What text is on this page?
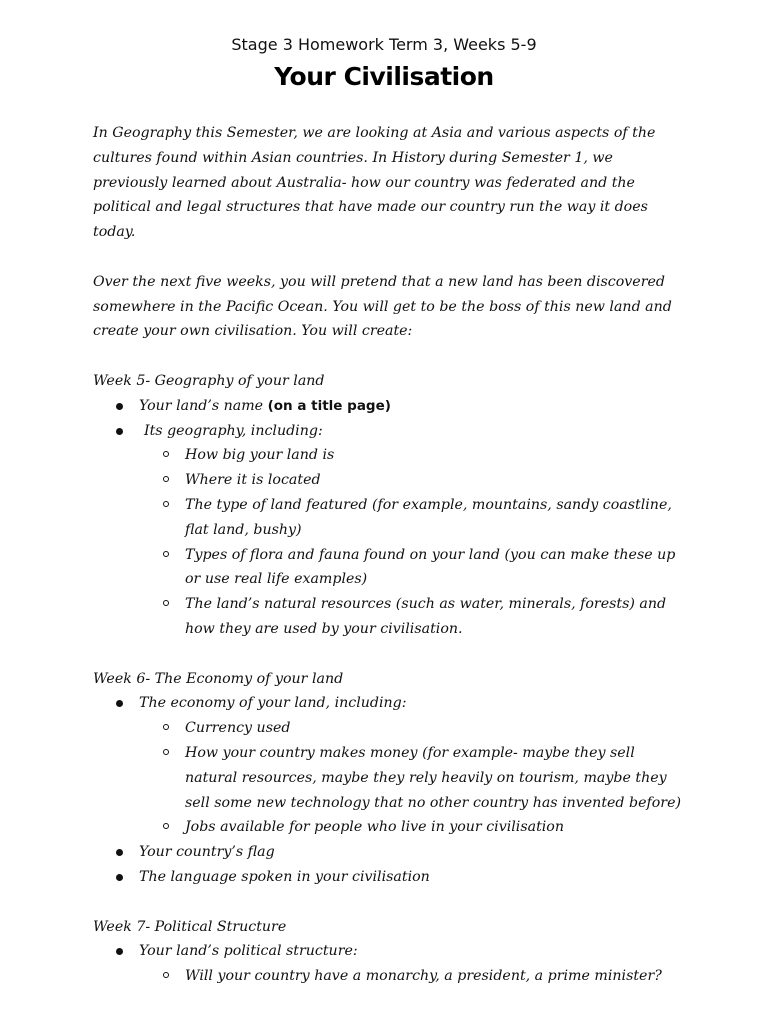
Stage 3 Homework Term 3, Weeks 5-9
Your Civilisation

In Geography this Semester, we are looking at Asia and various aspects of the cultures found within Asian countries. In History during Semester 1, we previously learned about Australia- how our country was federated and the political and legal structures that have made our country run the way it does today.

Over the next five weeks, you will pretend that a new land has been discovered somewhere in the Pacific Ocean. You will get to be the boss of this new land and create your own civilisation. You will create:

Week 5- Geography of your land

Your land’s name (on a title page)
Its geography, including:
How big your land is
Where it is located
The type of land featured (for example, mountains, sandy coastline, flat land, bushy)
Types of flora and fauna found on your land (you can make these up or use real life examples)
The land’s natural resources (such as water, minerals, forests) and how they are used by your civilisation.

Week 6- The Economy of your land

The economy of your land, including:
Currency used
How your country makes money (for example- maybe they sell natural resources, maybe they rely heavily on tourism, maybe they sell some new technology that no other country has invented before)
Jobs available for people who live in your civilisation
Your country’s flag
The language spoken in your civilisation

Week 7- Political Structure

Your land’s political structure:
Will your country have a monarchy, a president, a prime minister?
